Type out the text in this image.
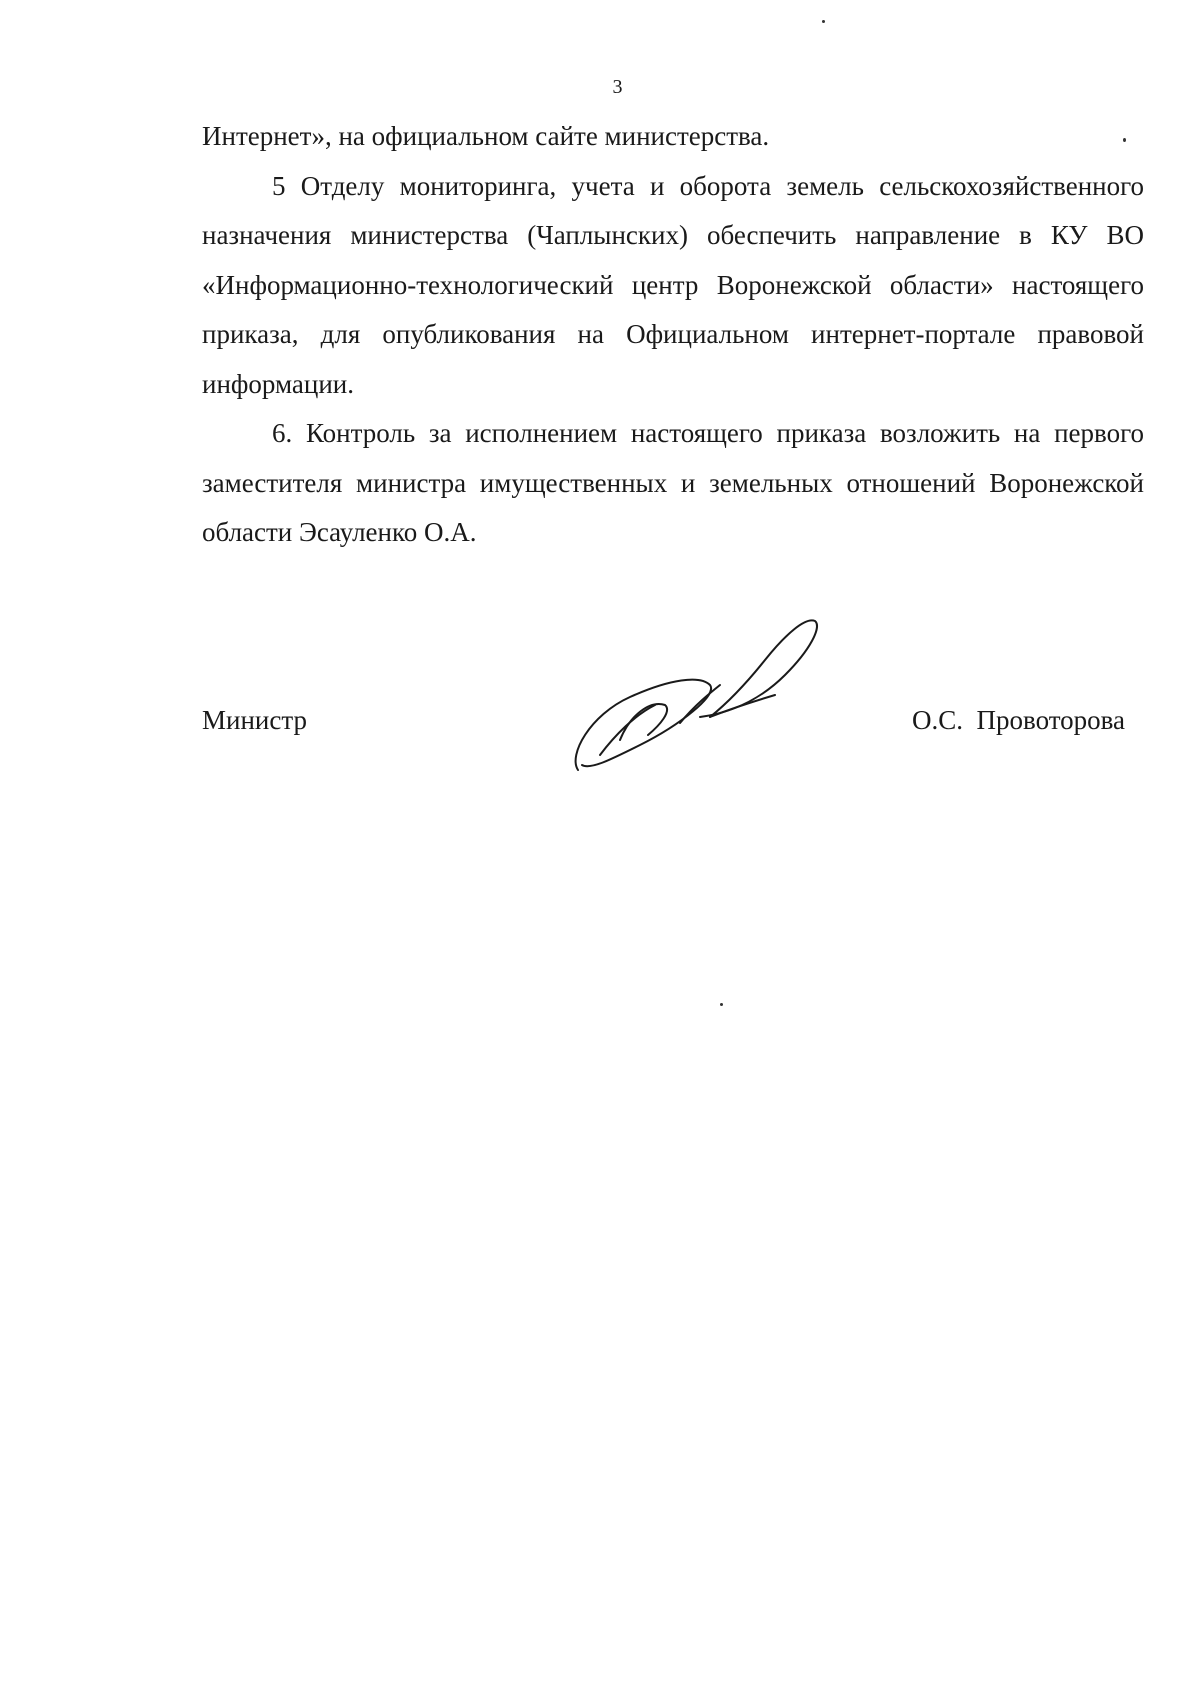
3

Интернет», на официальном сайте министерства.

5 Отделу мониторинга, учета и оборота земель сельскохозяйственного назначения министерства (Чаплынских) обеспечить направление в КУ ВО «Информационно-технологический центр Воронежской области» настоящего приказа, для опубликования на Официальном интернет-портале правовой информации.

6. Контроль за исполнением настоящего приказа возложить на первого заместителя министра имущественных и земельных отношений Воронежской области Эсауленко О.А.

Министр	О.С.  Провоторова
